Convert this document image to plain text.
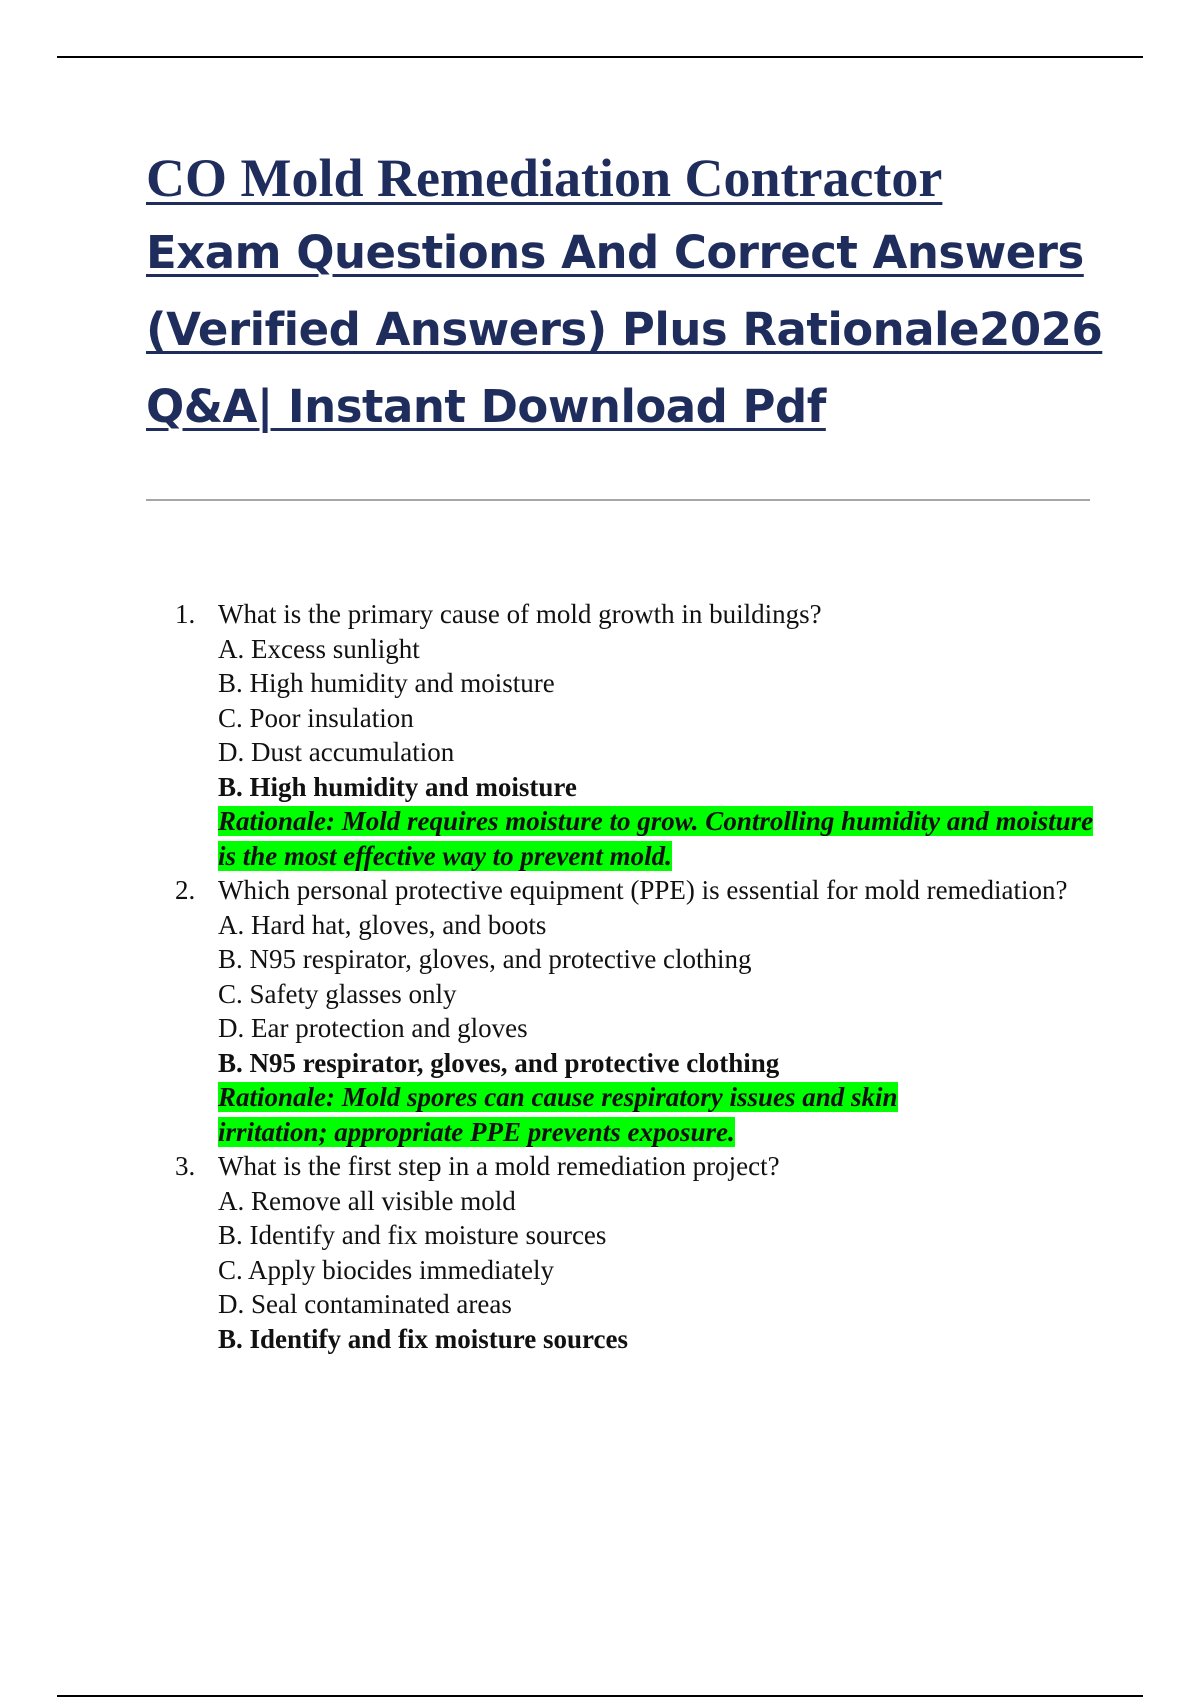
CO Mold Remediation Contractor
Exam Questions And Correct Answers
(Verified Answers) Plus Rationale2026
Q&A| Instant Download Pdf
1. What is the primary cause of mold growth in buildings?
A. Excess sunlight
B. High humidity and moisture
C. Poor insulation
D. Dust accumulation
B. High humidity and moisture
Rationale: Mold requires moisture to grow. Controlling humidity and moisture is the most effective way to prevent mold.
2. Which personal protective equipment (PPE) is essential for mold remediation?
A. Hard hat, gloves, and boots
B. N95 respirator, gloves, and protective clothing
C. Safety glasses only
D. Ear protection and gloves
B. N95 respirator, gloves, and protective clothing
Rationale: Mold spores can cause respiratory issues and skin irritation; appropriate PPE prevents exposure.
3. What is the first step in a mold remediation project?
A. Remove all visible mold
B. Identify and fix moisture sources
C. Apply biocides immediately
D. Seal contaminated areas
B. Identify and fix moisture sources
